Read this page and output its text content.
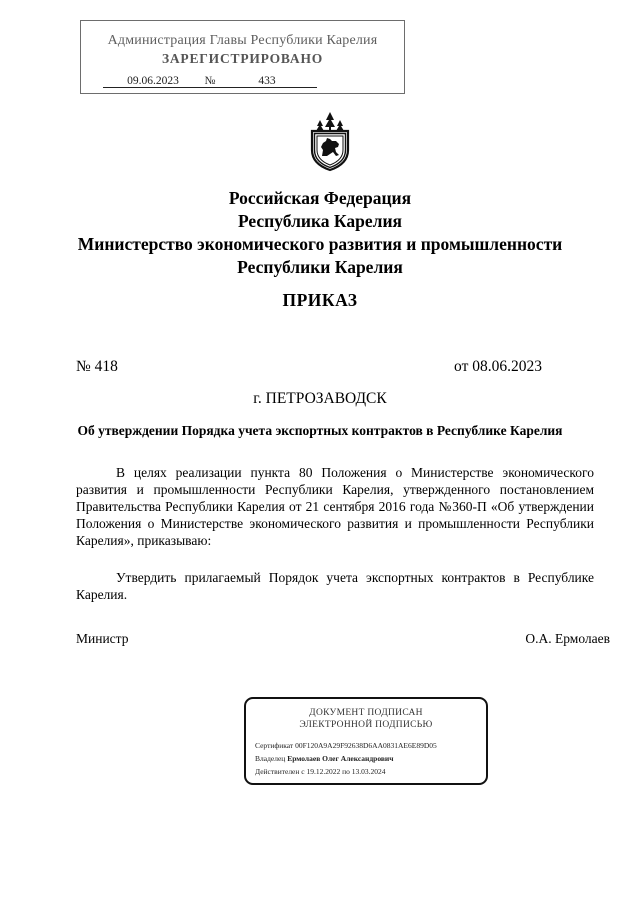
Администрация Главы Республики Карелия
ЗАРЕГИСТРИРОВАНО
09.06.2023 №	433
Российская Федерация
Республика Карелия
Министерство экономического развития и промышленности
Республики Карелия
ПРИКАЗ
№ 418	от 08.06.2023
г. ПЕТРОЗАВОДСК
Об утверждении Порядка учета экспортных контрактов в Республике Карелия
В целях реализации пункта 80 Положения о Министерстве экономического развития и промышленности Республики Карелия, утвержденного постановлением Правительства Республики Карелия от 21 сентября 2016 года №360-П «Об утверждении Положения о Министерстве экономического развития и промышленности Республики Карелия», приказываю:
Утвердить прилагаемый Порядок учета экспортных контрактов в Республике Карелия.
Министр	О.А. Ермолаев
ДОКУМЕНТ ПОДПИСАН
ЭЛЕКТРОННОЙ ПОДПИСЬЮ
Сертификат 00F120A9A29F92638D6AA0831AE6E89D05
Владелец Ермолаев Олег Александрович
Действителен с 19.12.2022 по 13.03.2024
